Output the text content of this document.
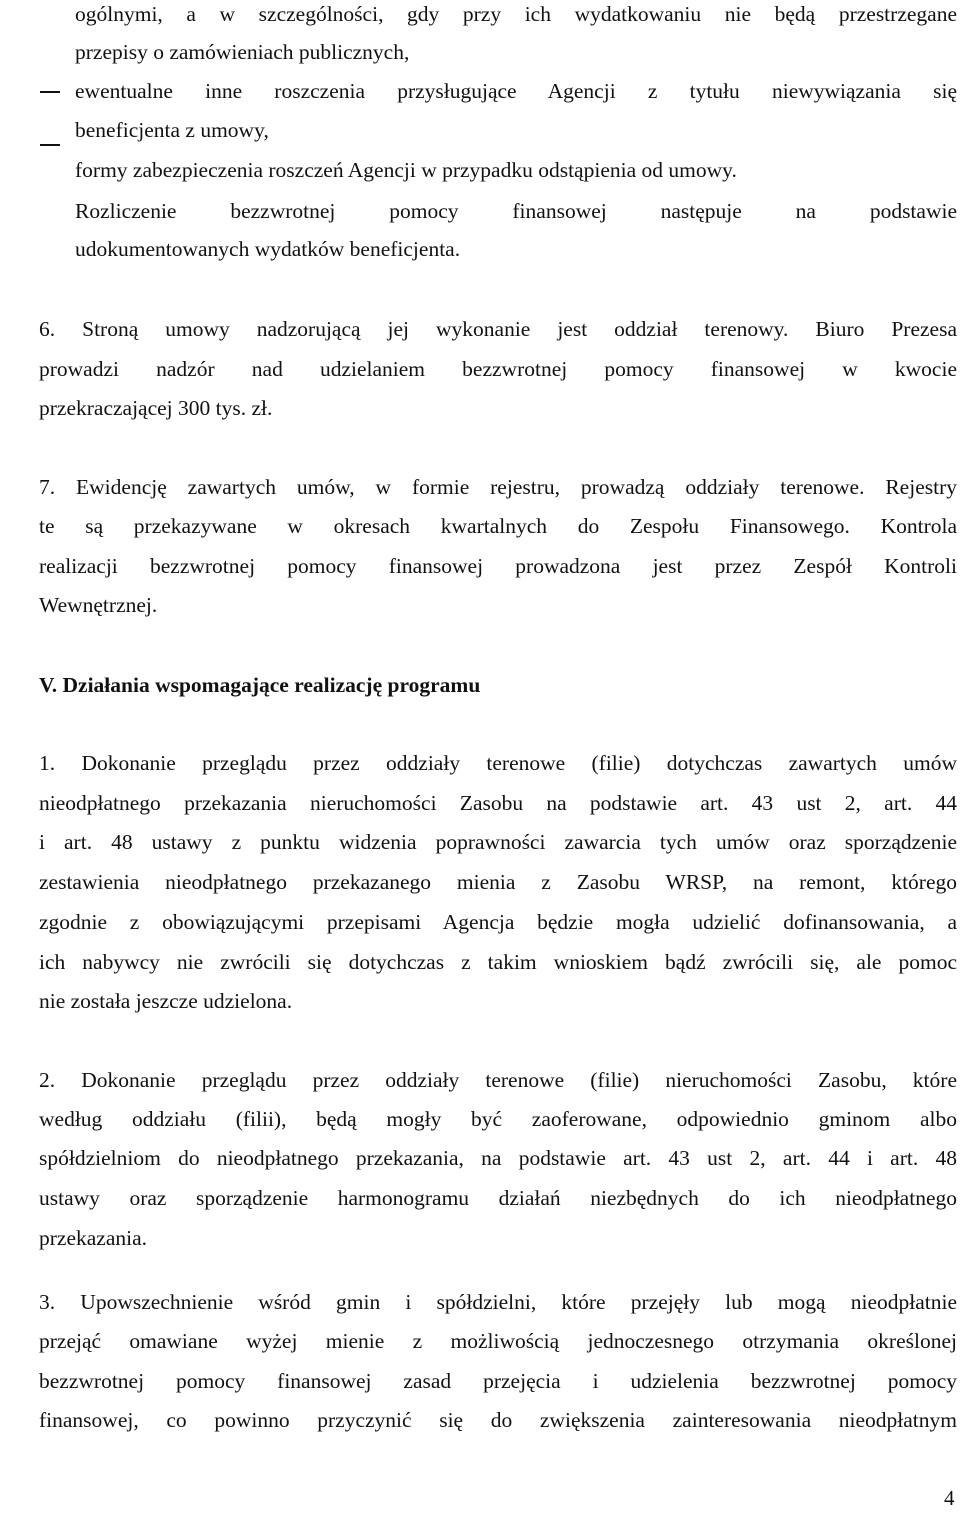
ogólnymi, a w szczególności, gdy przy ich wydatkowaniu nie będą przestrzegane
przepisy o zamówieniach publicznych,
ewentualne inne roszczenia przysługujące Agencji z tytułu niewywiązania się
beneficjenta z umowy,
formy zabezpieczenia roszczeń Agencji w przypadku odstąpienia od umowy.
Rozliczenie bezzwrotnej pomocy finansowej następuje na podstawie
udokumentowanych wydatków beneficjenta.
6. Stroną umowy nadzorującą jej wykonanie jest oddział terenowy. Biuro Prezesa
prowadzi nadzór nad udzielaniem bezzwrotnej pomocy finansowej w kwocie
przekraczającej 300 tys. zł.
7. Ewidencję zawartych umów, w formie rejestru, prowadzą oddziały terenowe. Rejestry
te są przekazywane w okresach kwartalnych do Zespołu Finansowego. Kontrola
realizacji bezzwrotnej pomocy finansowej prowadzona jest przez Zespół Kontroli
Wewnętrznej.
V. Działania wspomagające realizację programu
1. Dokonanie przeglądu przez oddziały terenowe (filie) dotychczas zawartych umów
nieodpłatnego przekazania nieruchomości Zasobu na podstawie art. 43 ust 2, art. 44
i art. 48 ustawy z punktu widzenia poprawności zawarcia tych umów oraz sporządzenie
zestawienia nieodpłatnego przekazanego mienia z Zasobu WRSP, na remont, którego
zgodnie z obowiązującymi przepisami Agencja będzie mogła udzielić dofinansowania, a
ich nabywcy nie zwrócili się dotychczas z takim wnioskiem bądź zwrócili się, ale pomoc
nie została jeszcze udzielona.
2. Dokonanie przeglądu przez oddziały terenowe (filie) nieruchomości Zasobu, które
według oddziału (filii), będą mogły być zaoferowane, odpowiednio gminom albo
spółdzielniom do nieodpłatnego przekazania, na podstawie art. 43 ust 2, art. 44 i art. 48
ustawy oraz sporządzenie harmonogramu działań niezbędnych do ich nieodpłatnego
przekazania.
3. Upowszechnienie wśród gmin i spółdzielni, które przejęły lub mogą nieodpłatnie
przejąć omawiane wyżej mienie z możliwością jednoczesnego otrzymania określonej
bezzwrotnej pomocy finansowej zasad przejęcia i udzielenia bezzwrotnej pomocy
finansowej, co powinno przyczynić się do zwiększenia zainteresowania nieodpłatnym
4
